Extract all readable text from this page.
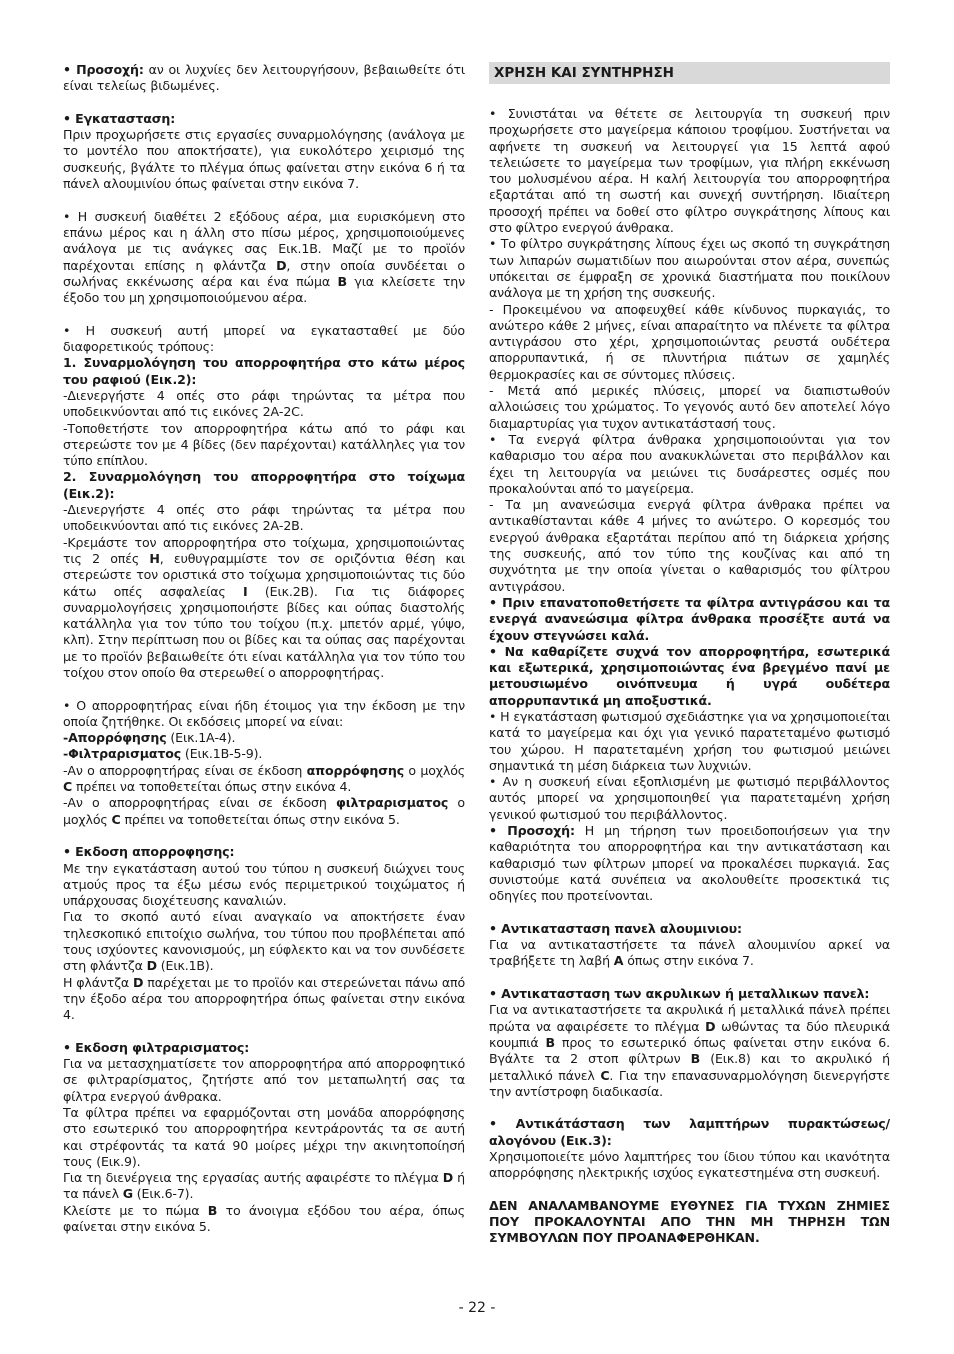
• Προσοχή: αν οι λυχνίες δεν λειτουργήσουν, βεβαιωθείτε ότι είναι τελείως βιδωμένες.

• Εγκατασταση:

Πριν προχωρήσετε στις εργασίες συναρμολόγησης (ανάλογα με το μοντέλο που αποκτήσατε), για ευκολότερο χειρισμό της συσκευής, βγάλτε το πλέγμα όπως φαίνεται στην εικόνα 6 ή τα πάνελ αλουμινίου όπως φαίνεται στην εικόνα 7.

• Η συσκευή διαθέτει 2 εξόδους αέρα, μια ευρισκόμενη στο επάνω μέρος και η άλλη στο πίσω μέρος, χρησιμοποιούμενες ανάλογα με τις ανάγκες σας Εικ.1Β. Μαζί με το προϊόν παρέχονται επίσης η φλάντζα D, στην οποία συνδέεται ο σωλήνας εκκένωσης αέρα και ένα πώμα B για κλείσετε την έξοδο του μη χρησιμοποιούμενου αέρα.

• Η συσκευή αυτή μπορεί να εγκατασταθεί με δύο διαφορετικούς τρόπους:

1. Συναρμολόγηση του απορροφητήρα στο κάτω μέρος του ραφιού (Εικ.2):

-Διενεργήστε 4 οπές στο ράφι τηρώντας τα μέτρα που υποδεικνύονται από τις εικόνες 2Α-2C.

-Τοποθετήστε τον απορροφητήρα κάτω από το ράφι και στερεώστε τον με 4 βίδες (δεν παρέχονται) κατάλληλες για τον τύπο επίπλου.

2. Συναρμολόγηση του απορροφητήρα στο τοίχωμα (Εικ.2):

-Διενεργήστε 4 οπές στο ράφι τηρώντας τα μέτρα που υποδεικνύονται από τις εικόνες 2Α-2Β.

-Κρεμάστε τον απορροφητήρα στο τοίχωμα, χρησιμοποιώντας τις 2 οπές H, ευθυγραμμίστε τον σε οριζόντια θέση και στερεώστε τον οριστικά στο τοίχωμα χρησιμοποιώντας τις δύο κάτω οπές ασφαλείας I (Εικ.2Β). Για τις διάφορες συναρμολογήσεις χρησιμοποιήστε βίδες και ούπας διαστολής κατάλληλα για τον τύπο του τοίχου (π.χ. μπετόν αρμέ, γύψο, κλπ). Στην περίπτωση που οι βίδες και τα ούπας σας παρέχονται με το προϊόν βεβαιωθείτε ότι είναι κατάλληλα για τον τύπο του τοίχου στον οποίο θα στερεωθεί ο απορροφητήρας.

• Ο απορροφητήρας είναι ήδη έτοιμος για την έκδοση με την οποία ζητήθηκε. Οι εκδόσεις μπορεί να είναι:

-Απορρόφησης (Εικ.1Α-4).

-Φιλτραρισματος (Εικ.1Β-5-9).

-Αν ο απορροφητήρας είναι σε έκδοση απορρόφησης ο μοχλός C πρέπει να τοποθετείται όπως στην εικόνα 4.

-Αν ο απορροφητήρας είναι σε έκδοση φιλτραρισματος ο μοχλός C πρέπει να τοποθετείται όπως στην εικόνα 5.

• Εκδοση απορροφησης:

Με την εγκατάσταση αυτού του τύπου η συσκευή διώχνει τους ατμούς προς τα έξω μέσω ενός περιμετρικού τοιχώματος ή υπάρχουσας διοχέτευσης καναλιών.

Για το σκοπό αυτό είναι αναγκαίο να αποκτήσετε έναν τηλεσκοπικό επιτοίχιο σωλήνα, του τύπου που προβλέπεται από τους ισχύοντες κανονισμούς, μη εύφλεκτο και να τον συνδέσετε στη φλάντζα D (Εικ.1Β).

Η φλάντζα D παρέχεται με το προϊόν και στερεώνεται πάνω από την έξοδο αέρα του απορροφητήρα όπως φαίνεται στην εικόνα 4.

• Εκδοση φιλτραρισματος:

Για να μετασχηματίσετε τον απορροφητήρα από απορροφητικό σε φιλτραρίσματος, ζητήστε από τον μεταπωλητή σας τα φίλτρα ενεργού άνθρακα.

Τα φίλτρα πρέπει να εφαρμόζονται στη μονάδα απορρόφησης στο εσωτερικό του απορροφητήρα κεντράροντάς τα σε αυτή και στρέφοντάς τα κατά 90 μοίρες μέχρι την ακινητοποίησή τους (Εικ.9).

Για τη διενέργεια της εργασίας αυτής αφαιρέστε το πλέγμα D ή τα πάνελ G (Εικ.6-7).

Κλείστε με το πώμα B το άνοιγμα εξόδου του αέρα, όπως φαίνεται στην εικόνα 5.

ΧΡΗΣΗ ΚΑΙ ΣΥΝΤΗΡΗΣΗ

• Συνιστάται να θέτετε σε λειτουργία τη συσκευή πριν προχωρήσετε στο μαγείρεμα κάποιου τροφίμου. Συστήνεται να αφήνετε τη συσκευή να λειτουργεί για 15 λεπτά αφού τελειώσετε το μαγείρεμα των τροφίμων, για πλήρη εκκένωση του μολυσμένου αέρα. Η καλή λειτουργία του απορροφητήρα εξαρτάται από τη σωστή και συνεχή συντήρηση. Ιδιαίτερη προσοχή πρέπει να δοθεί στο φίλτρο συγκράτησης λίπους και στο φίλτρο ενεργού άνθρακα.

• Το φίλτρο συγκράτησης λίπους έχει ως σκοπό τη συγκράτηση των λιπαρών σωματιδίων που αιωρούνται στον αέρα, συνεπώς υπόκειται σε έμφραξη σε χρονικά διαστήματα που ποικίλουν ανάλογα με τη χρήση της συσκευής.

- Προκειμένου να αποφευχθεί κάθε κίνδυνος πυρκαγιάς, το ανώτερο κάθε 2 μήνες, είναι απαραίτητο να πλένετε τα φίλτρα αντιγράσου στο χέρι, χρησιμοποιώντας ρευστά ουδέτερα απορρυπαντικά, ή σε πλυντήρια πιάτων σε χαμηλές θερμοκρασίες και σε σύντομες πλύσεις.

- Μετά από μερικές πλύσεις, μπορεί να διαπιστωθούν αλλοιώσεις του χρώματος. Το γεγονός αυτό δεν αποτελεί λόγο διαμαρτυρίας για τυχον αντικατάστασή τους.

• Τα ενεργά φίλτρα άνθρακα χρησιμοποιούνται για τον καθαρισμο του αέρα που ανακυκλώνεται στο περιβάλλον και έχει τη λειτουργία να μειώνει τις δυσάρεστες οσμές που προκαλούνται από το μαγείρεμα.

- Τα μη ανανεώσιμα ενεργά φίλτρα άνθρακα πρέπει να αντικαθίστανται κάθε 4 μήνες το ανώτερο. Ο κορεσμός του ενεργού άνθρακα εξαρτάται περίπου από τη διάρκεια χρήσης της συσκευής, από τον τύπο της κουζίνας και από τη συχνότητα με την οποία γίνεται ο καθαρισμός του φίλτρου αντιγράσου.

• Πριν επανατοποθετήσετε τα φίλτρα αντιγράσου και τα ενεργά ανανεώσιμα φίλτρα άνθρακα προσέξτε αυτά να έχουν στεγνώσει καλά.

• Να καθαρίζετε συχνά τον απορροφητήρα, εσωτερικά και εξωτερικά, χρησιμοποιώντας ένα βρεγμένο πανί με μετουσιωμένο οινόπνευμα ή υγρά ουδέτερα απορρυπαντικά μη αποξυστικά.

• Η εγκατάσταση φωτισμού σχεδιάστηκε για να χρησιμοποιείται κατά το μαγείρεμα και όχι για γενικό παρατεταμένο φωτισμό του χώρου. Η παρατεταμένη χρήση του φωτισμού μειώνει σημαντικά τη μέση διάρκεια των λυχνιών.

• Αν η συσκευή είναι εξοπλισμένη με φωτισμό περιβάλλοντος αυτός μπορεί να χρησιμοποιηθεί για παρατεταμένη χρήση γενικού φωτισμού του περιβάλλοντος.

• Προσοχή: Η μη τήρηση των προειδοποιήσεων για την καθαριότητα του απορροφητήρα και την αντικατάσταση και καθαρισμό των φίλτρων μπορεί να προκαλέσει πυρκαγιά. Σας συνιστούμε κατά συνέπεια να ακολουθείτε προσεκτικά τις οδηγίες που προτείνονται.

• Αντικατασταση πανελ αλουμινιου:

Για να αντικαταστήσετε τα πάνελ αλουμινίου αρκεί να τραβήξετε τη λαβή A όπως στην εικόνα 7.

• Αντικατασταση των ακρυλικων ή μεταλλικων πανελ:

Για να αντικαταστήσετε τα ακρυλικά ή μεταλλικά πάνελ πρέπει πρώτα να αφαιρέσετε το πλέγμα D ωθώντας τα δύο πλευρικά κουμπιά B προς το εσωτερικό όπως φαίνεται στην εικόνα 6. Βγάλτε τα 2 στοπ φίλτρων B (Εικ.8) και το ακρυλικό ή μεταλλικό πάνελ C. Για την επανασυναρμολόγηση διενεργήστε την αντίστροφη διαδικασία.

• Αντικάτάσταση των λαμπτήρων πυρακτώσεως/αλογόνου (Εικ.3):

Χρησιμοποιείτε μόνο λαμπτήρες του ίδιου τύπου και ικανότητα απορρόφησης ηλεκτρικής ισχύος εγκατεστημένα στη συσκευή.

ΔΕΝ ΑΝΑΛΑΜΒΑΝΟΥΜΕ ΕΥΘΥΝΕΣ ΓΙΑ ΤΥΧΩΝ ΖΗΜΙΕΣ ΠΟΥ ΠΡΟΚΑΛΟΥΝΤΑΙ ΑΠΟ ΤΗΝ ΜΗ ΤΗΡΗΣΗ ΤΩΝ ΣΥΜΒΟΥΛΩΝ ΠΟΥ ΠΡΟΑΝΑΦΕΡΘΗΚΑΝ.

- 22 -
